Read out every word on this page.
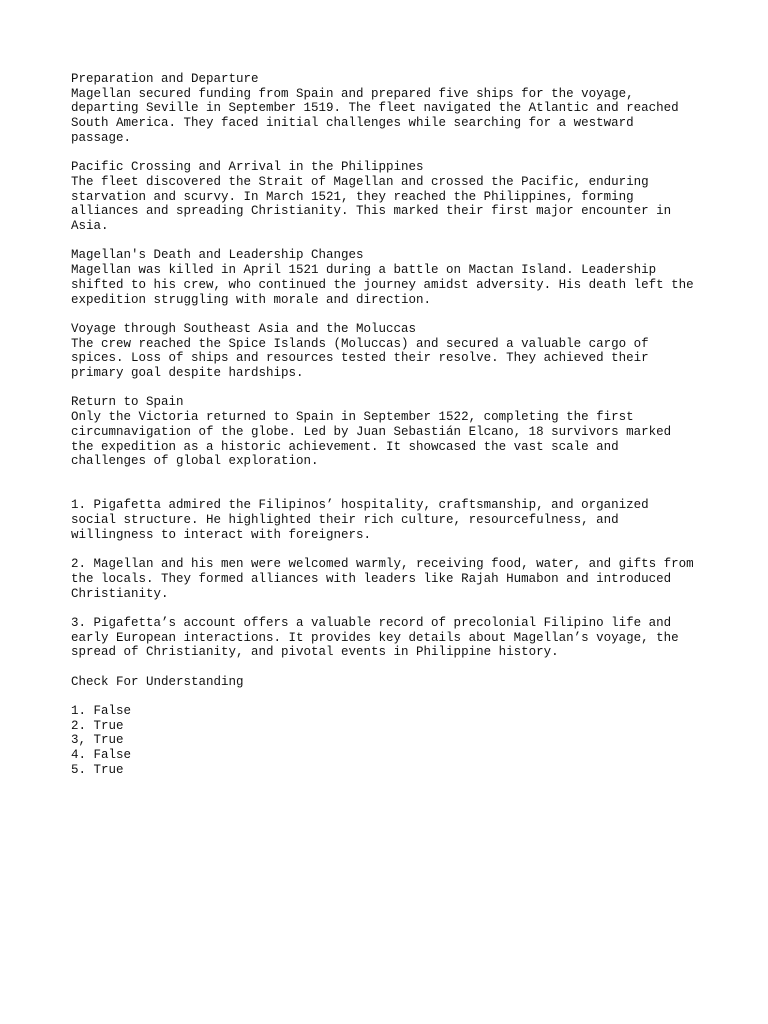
Preparation and Departure

Magellan secured funding from Spain and prepared five ships for the voyage,

departing Seville in September 1519. The fleet navigated the Atlantic and reached

South America. They faced initial challenges while searching for a westward

passage.

Pacific Crossing and Arrival in the Philippines

The fleet discovered the Strait of Magellan and crossed the Pacific, enduring

starvation and scurvy. In March 1521, they reached the Philippines, forming

alliances and spreading Christianity. This marked their first major encounter in

Asia.

Magellan's Death and Leadership Changes

Magellan was killed in April 1521 during a battle on Mactan Island. Leadership

shifted to his crew, who continued the journey amidst adversity. His death left the

expedition struggling with morale and direction.

Voyage through Southeast Asia and the Moluccas

The crew reached the Spice Islands (Moluccas) and secured a valuable cargo of

spices. Loss of ships and resources tested their resolve. They achieved their

primary goal despite hardships.

Return to Spain

Only the Victoria returned to Spain in September 1522, completing the first

circumnavigation of the globe. Led by Juan Sebastián Elcano, 18 survivors marked

the expedition as a historic achievement. It showcased the vast scale and

challenges of global exploration.

1. Pigafetta admired the Filipinos’ hospitality, craftsmanship, and organized

social structure. He highlighted their rich culture, resourcefulness, and

willingness to interact with foreigners.

2. Magellan and his men were welcomed warmly, receiving food, water, and gifts from

the locals. They formed alliances with leaders like Rajah Humabon and introduced

Christianity.

3. Pigafetta’s account offers a valuable record of precolonial Filipino life and

early European interactions. It provides key details about Magellan’s voyage, the

spread of Christianity, and pivotal events in Philippine history.

Check For Understanding

1. False

2. True

3, True

4. False

5. True
